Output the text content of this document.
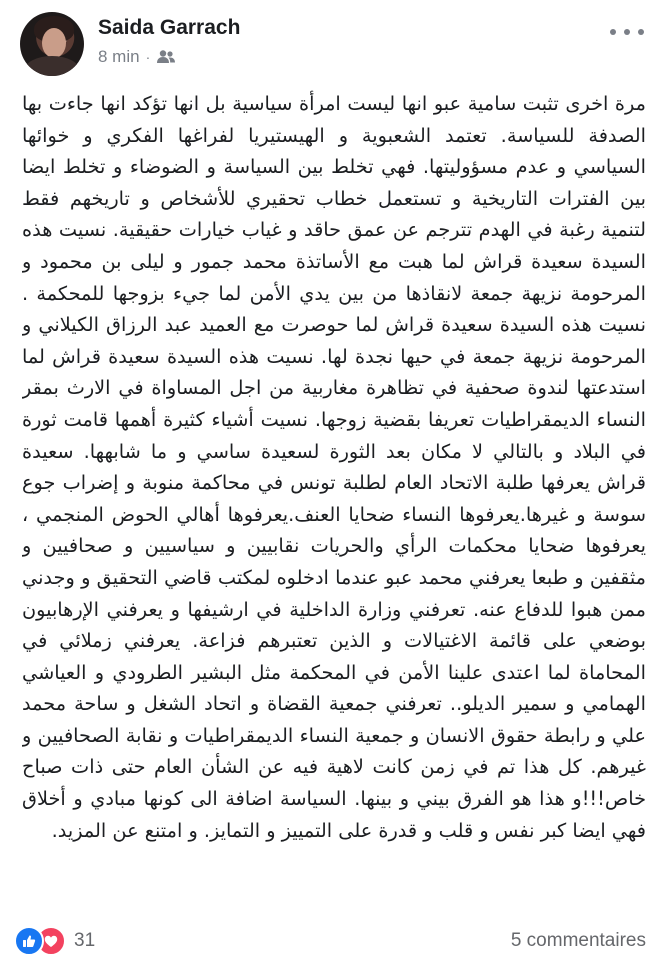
Saida Garrach
8 min ·
مرة اخرى تثبت سامية عبو انها ليست امرأة سياسية بل انها تؤكد انها جاءت بها الصدفة للسياسة. تعتمد الشعبوية و الهيستيريا لفراغها الفكري و خوائها السياسي و عدم مسؤوليتها. فهي تخلط بين السياسة و الضوضاء و تخلط ايضا بين الفترات التاريخية و تستعمل خطاب تحقيري للأشخاص و تاريخهم فقط لتنمية رغبة في الهدم تترجم عن عمق حاقد و غياب خيارات حقيقية. نسيت هذه السيدة سعيدة قراش لما هبت مع الأساتذة محمد جمور و ليلى بن محمود و المرحومة نزيهة جمعة لانقاذها من بين يدي الأمن لما جيء بزوجها للمحكمة . نسيت هذه السيدة سعيدة قراش لما حوصرت مع العميد عبد الرزاق الكيلاني و المرحومة نزيهة جمعة في حيها نجدة لها. نسيت هذه السيدة سعيدة قراش لما استدعتها لندوة صحفية في تظاهرة مغاربية من اجل المساواة في الارث بمقر النساء الديمقراطيات تعريفا بقضية زوجها. نسيت أشياء كثيرة أهمها قامت ثورة في البلاد و بالتالي لا مكان بعد الثورة لسعيدة ساسي و ما شابهها. سعيدة قراش يعرفها طلبة الاتحاد العام لطلبة تونس في محاكمة منوبة و إضراب جوع سوسة و غيرها.يعرفوها النساء ضحايا العنف.يعرفوها أهالي الحوض المنجمي ، يعرفوها ضحايا محكمات الرأي والحريات نقابيين و سياسيين و صحافيين و مثقفين و طبعا يعرفني محمد عبو عندما ادخلوه لمكتب قاضي التحقيق و وجدني ممن هبوا للدفاع عنه. تعرفني وزارة الداخلية في ارشيفها و يعرفني الإرهابيون بوضعي على قائمة الاغتيالات و الذين تعتبرهم فزاعة. يعرفني زملائي في المحاماة لما اعتدى علينا الأمن في المحكمة مثل البشير الطرودي و العياشي الهمامي و سمير الديلو.. تعرفني جمعية القضاة و اتحاد الشغل و ساحة محمد علي و رابطة حقوق الانسان و جمعية النساء الديمقراطيات و نقابة الصحافيين و غيرهم. كل هذا تم في زمن كانت لاهية فيه عن الشأن العام حتى ذات صباح خاص!!!و هذا هو الفرق بيني و بينها. السياسة اضافة الى كونها مبادي و أخلاق فهي ايضا كبر نفس و قلب و قدرة على التمييز و التمايز. و امتنع عن المزيد.
31	5 commentaires
